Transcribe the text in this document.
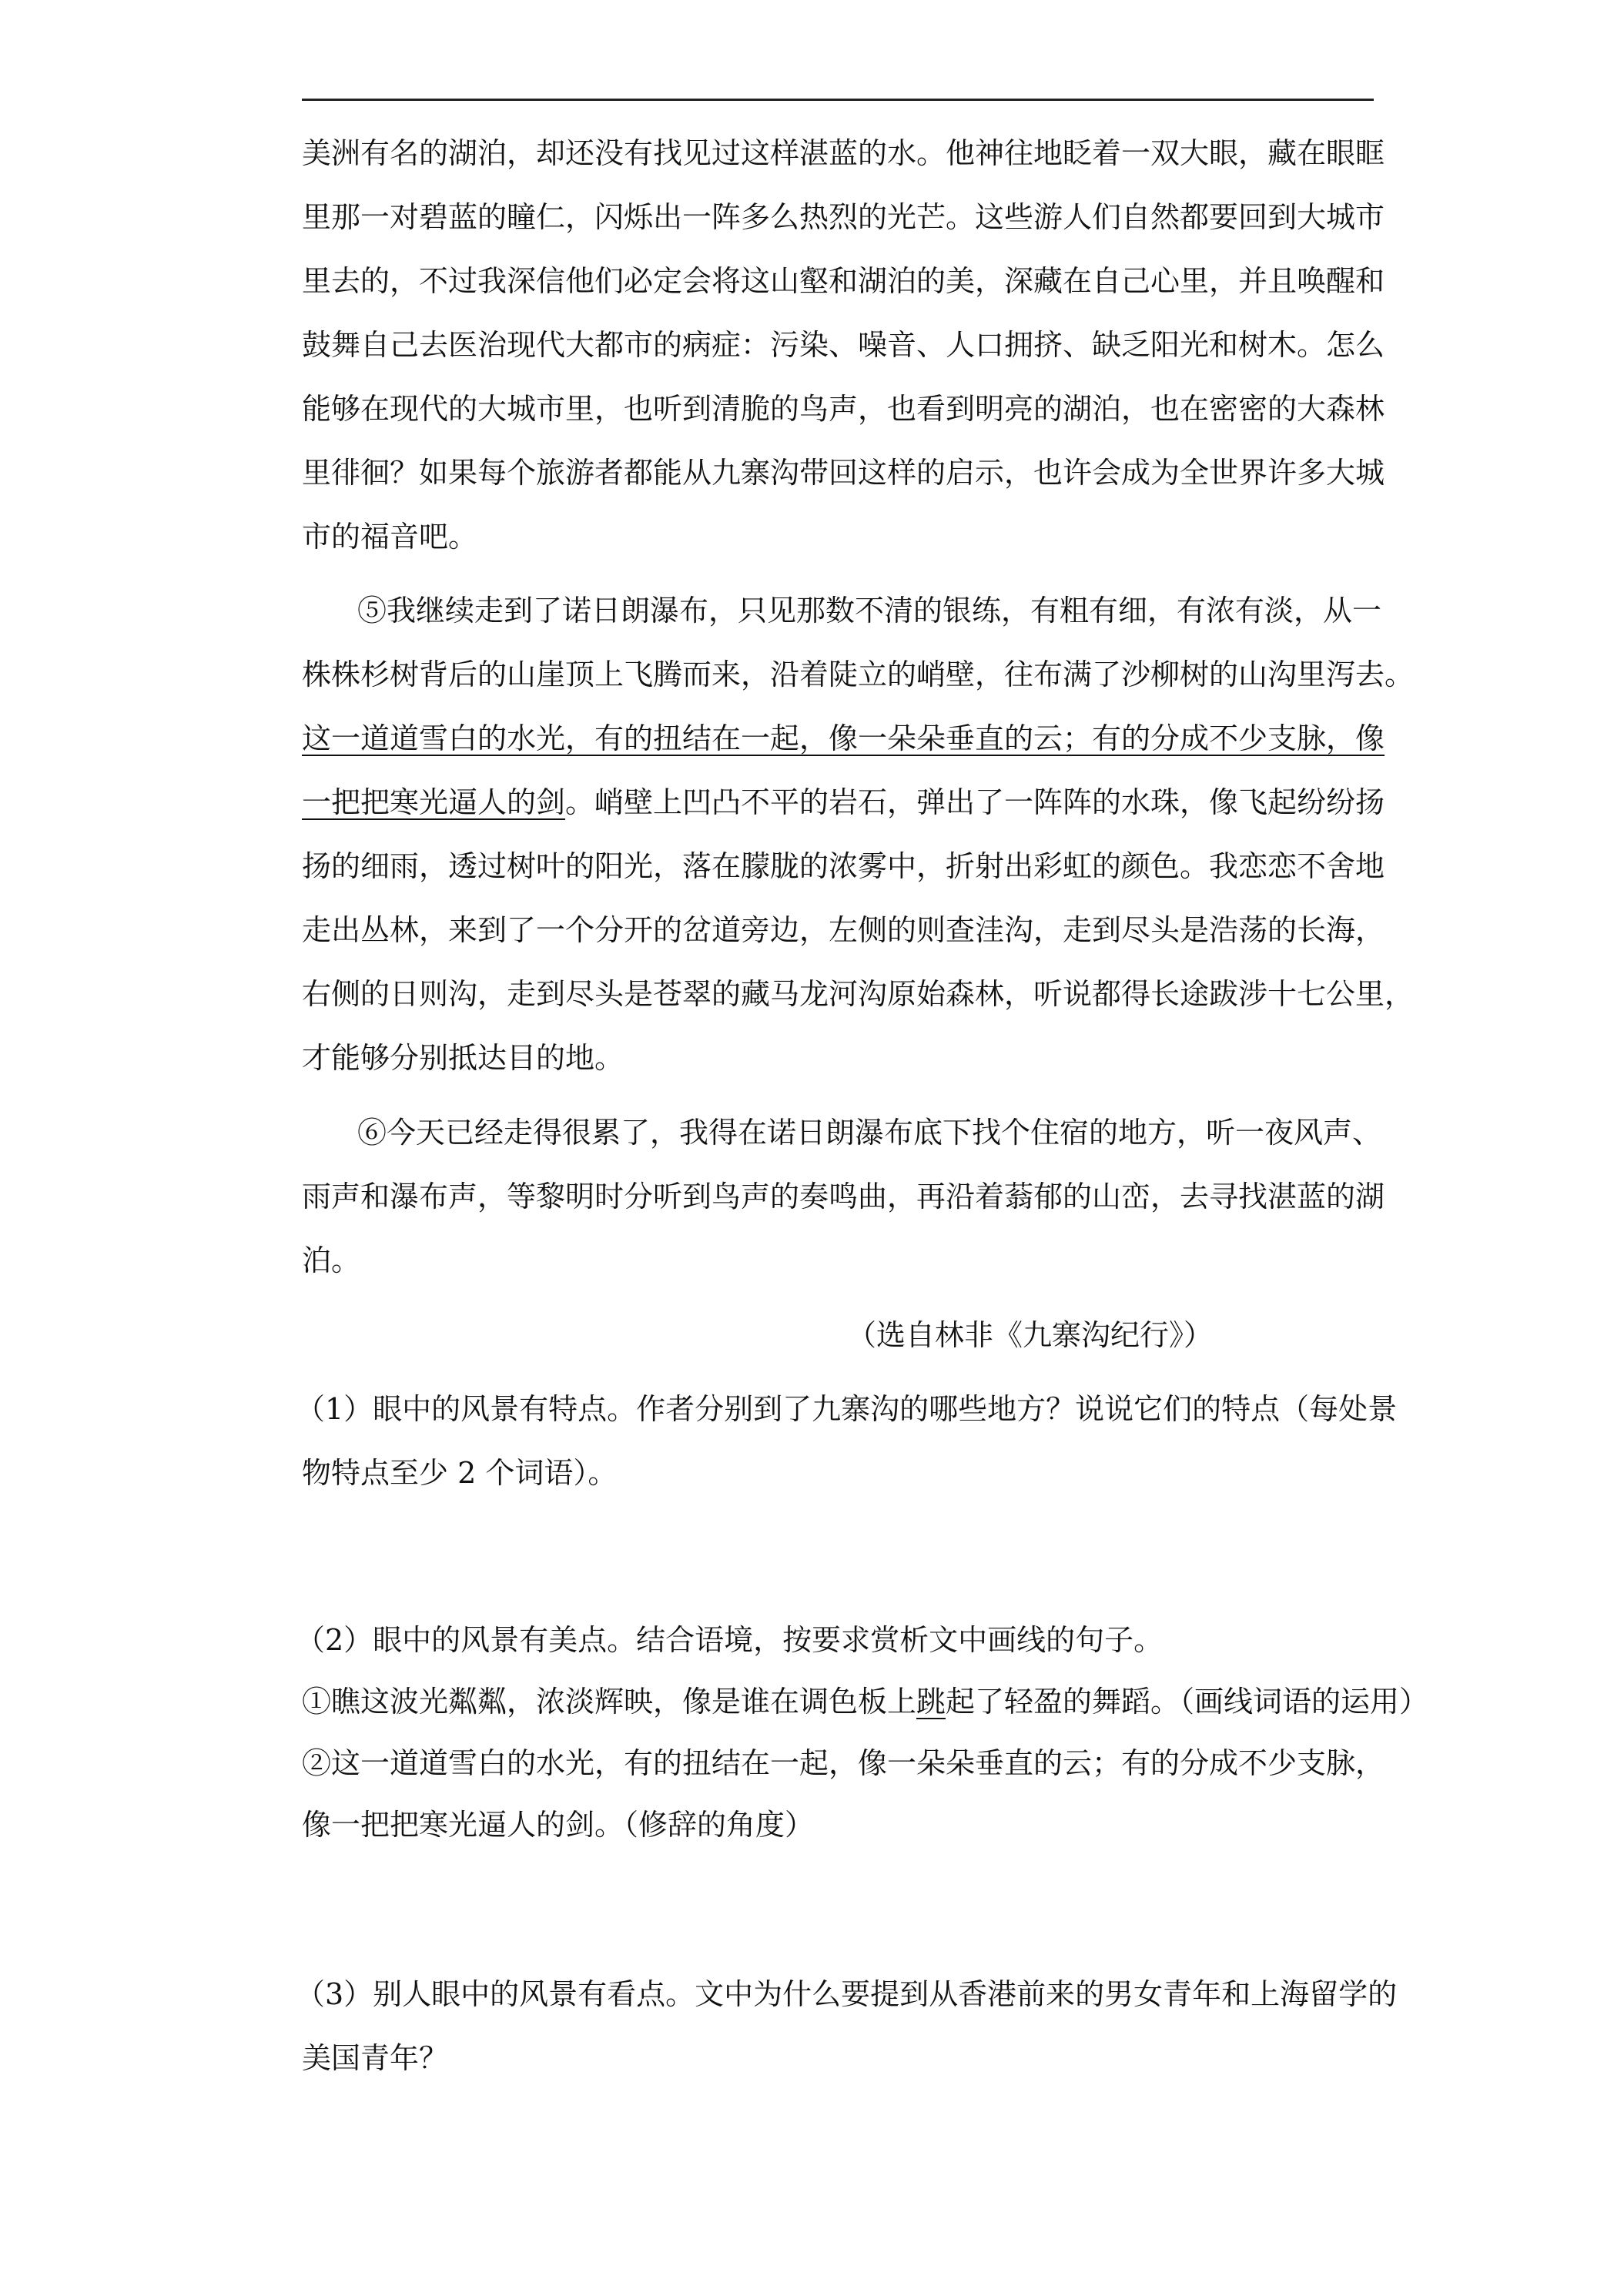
美洲有名的湖泊，却还没有找见过这样湛蓝的水。他神往地眨着一双大眼，藏在眼眶
里那一对碧蓝的瞳仁，闪烁出一阵多么热烈的光芒。这些游人们自然都要回到大城市
里去的，不过我深信他们必定会将这山壑和湖泊的美，深藏在自己心里，并且唤醒和
鼓舞自己去医治现代大都市的病症：污染、噪音、人口拥挤、缺乏阳光和树木。怎么
能够在现代的大城市里，也听到清脆的鸟声，也看到明亮的湖泊，也在密密的大森林
里徘徊？如果每个旅游者都能从九寨沟带回这样的启示，也许会成为全世界许多大城
市的福音吧。
⑤我继续走到了诺日朗瀑布，只见那数不清的银练，有粗有细，有浓有淡，从一
株株杉树背后的山崖顶上飞腾而来，沿着陡立的峭壁，往布满了沙柳树的山沟里泻去。
这一道道雪白的水光，有的扭结在一起，像一朵朵垂直的云；有的分成不少支脉，像
一把把寒光逼人的剑。峭壁上凹凸不平的岩石，弹出了一阵阵的水珠，像飞起纷纷扬
扬的细雨，透过树叶的阳光，落在朦胧的浓雾中，折射出彩虹的颜色。我恋恋不舍地
走出丛林，来到了一个分开的岔道旁边，左侧的则查洼沟，走到尽头是浩荡的长海，
右侧的日则沟，走到尽头是苍翠的藏马龙河沟原始森林，听说都得长途跋涉十七公里，
才能够分别抵达目的地。
⑥今天已经走得很累了，我得在诺日朗瀑布底下找个住宿的地方，听一夜风声、
雨声和瀑布声，等黎明时分听到鸟声的奏鸣曲，再沿着蓊郁的山峦，去寻找湛蓝的湖
泊。
（选自林非《九寨沟纪行》）
（1）眼中的风景有特点。作者分别到了九寨沟的哪些地方？说说它们的特点（每处景
物特点至少 2 个词语）。
（2）眼中的风景有美点。结合语境，按要求赏析文中画线的句子。
①瞧这波光粼粼，浓淡辉映，像是谁在调色板上跳起了轻盈的舞蹈。（画线词语的运用）
②这一道道雪白的水光，有的扭结在一起，像一朵朵垂直的云；有的分成不少支脉，
像一把把寒光逼人的剑。（修辞的角度）
（3）别人眼中的风景有看点。文中为什么要提到从香港前来的男女青年和上海留学的
美国青年？
